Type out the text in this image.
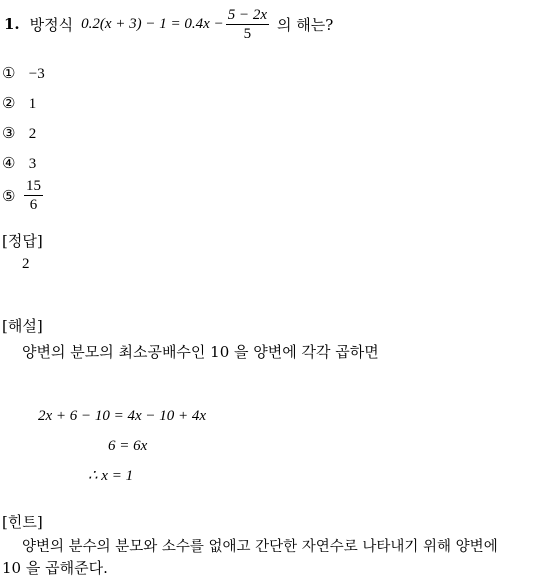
1. 방정식 $0.2(x + 3) - 1 = 0.4x - \frac{5 - 2x}{5}$ 의 해는?
① −3
② 1
③ 2
④ 3
⑤ $\frac{15}{6}$
[정답]
2
[해설]
양변의 분모의 최소공배수인 10 을 양변에 각각 곱하면
2x + 6 − 10 = 4x − 10 + 4x
6 = 6x
∴ x = 1
[힌트]
양변의 분수의 분모와 소수를 없애고 간단한 자연수로 나타내기 위해 양변에
10 을 곱해준다.
